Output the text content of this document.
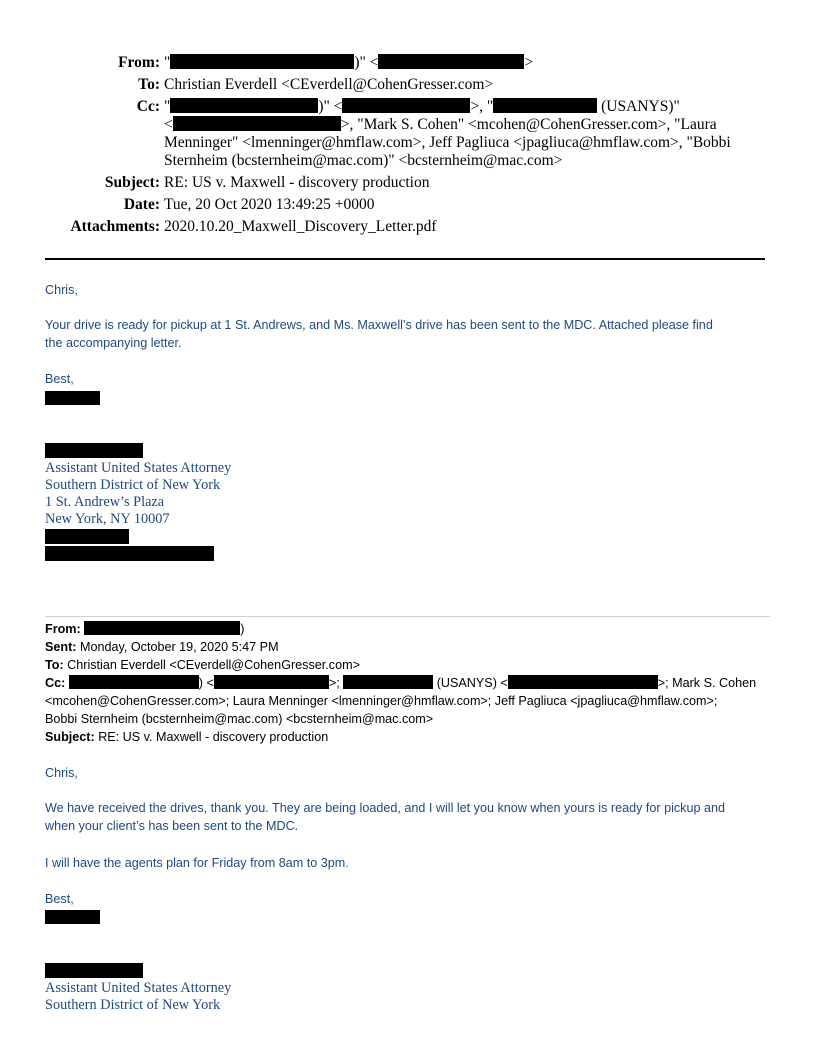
From: "	)" <	>
To: Christian Everdell <CEverdell@CohenGresser.com>
Cc: "	)" <	>, "	(USANYS)"
<	>, "Mark S. Cohen" <mcohen@CohenGresser.com>, "Laura
Menninger" <lmenninger@hmflaw.com>, Jeff Pagliuca <jpagliuca@hmflaw.com>, "Bobbi
Sternheim (bcsternheim@mac.com)" <bcsternheim@mac.com>
Subject: RE: US v. Maxwell - discovery production
Date: Tue, 20 Oct 2020 13:49:25 +0000
Attachments: 2020.10.20_Maxwell_Discovery_Letter.pdf
Chris,
Your drive is ready for pickup at 1 St. Andrews, and Ms. Maxwell’s drive has been sent to the MDC. Attached please find
the accompanying letter.
Best,
Assistant United States Attorney
Southern District of New York
1 St. Andrew’s Plaza
New York, NY 10007
From:	)
Sent: Monday, October 19, 2020 5:47 PM
To: Christian Everdell <CEverdell@CohenGresser.com>
Cc:	) <	>;	(USANYS) <	>; Mark S. Cohen
<mcohen@CohenGresser.com>; Laura Menninger <lmenninger@hmflaw.com>; Jeff Pagliuca <jpagliuca@hmflaw.com>;
Bobbi Sternheim (bcsternheim@mac.com) <bcsternheim@mac.com>
Subject: RE: US v. Maxwell - discovery production
Chris,
We have received the drives, thank you. They are being loaded, and I will let you know when yours is ready for pickup and
when your client’s has been sent to the MDC.
I will have the agents plan for Friday from 8am to 3pm.
Best,
Assistant United States Attorney
Southern District of New York
